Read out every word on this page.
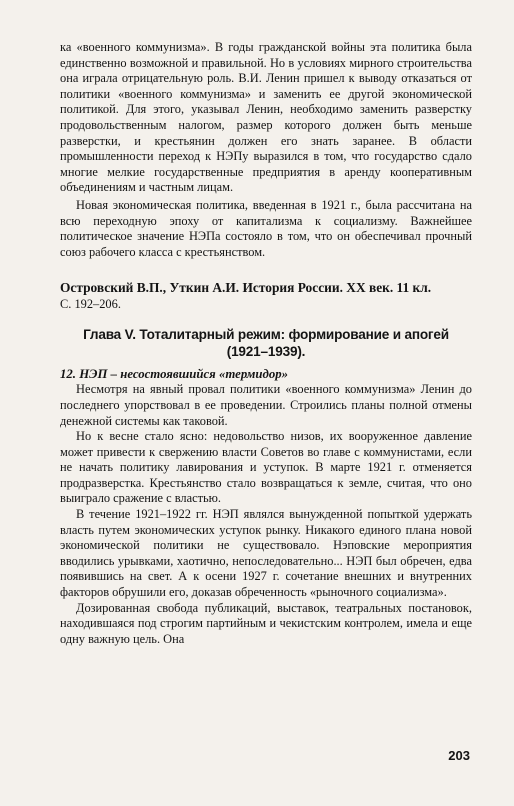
ка «военного коммунизма». В годы гражданской войны эта политика была единственно возможной и правильной. Но в условиях мирного строительства она играла отрицательную роль. В.И. Ленин пришел к выводу отказаться от политики «военного коммунизма» и заменить ее другой экономической политикой. Для этого, указывал Ленин, необходимо заменить разверстку продовольственным налогом, размер которого должен быть меньше разверстки, и крестьянин должен его знать заранее. В области промышленности переход к НЭПу выразился в том, что государство сдало многие мелкие государственные предприятия в аренду кооперативным объединениям и частным лицам.

Новая экономическая политика, введенная в 1921 г., была рассчитана на всю переходную эпоху от капитализма к социализму. Важнейшее политическое значение НЭПа состояло в том, что он обеспечивал прочный союз рабочего класса с крестьянством.

Островский В.П., Уткин А.И. История России. XX век. 11 кл.
С. 192–206.
Глава V. Тоталитарный режим: формирование и апогей
(1921–1939).
12. НЭП – несостоявшийся «термидор»

Несмотря на явный провал политики «военного коммунизма» Ленин до последнего упорствовал в ее проведении. Строились планы полной отмены денежной системы как таковой.

Но к весне стало ясно: недовольство низов, их вооруженное давление может привести к свержению власти Советов во главе с коммунистами, если не начать политику лавирования и уступок. В марте 1921 г. отменяется продразверстка. Крестьянство стало возвращаться к земле, считая, что оно выиграло сражение с властью.

В течение 1921–1922 гг. НЭП являлся вынужденной попыткой удержать власть путем экономических уступок рынку. Никакого единого плана новой экономической политики не существовало. Нэповские мероприятия вводились урывками, хаотично, непоследовательно... НЭП был обречен, едва появившись на свет. А к осени 1927 г. сочетание внешних и внутренних факторов обрушили его, доказав обреченность «рыночного социализма».

Дозированная свобода публикаций, выставок, театральных постановок, находившаяся под строгим партийным и чекистским контролем, имела и еще одну важную цель. Она

203
